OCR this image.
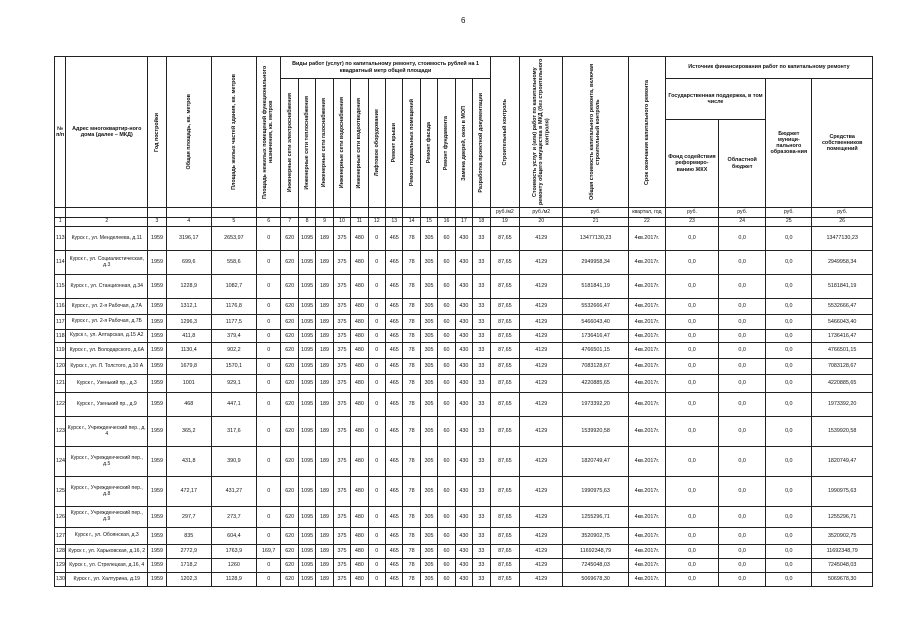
6
№ п/п	Адрес многоквартир-ного дома (далее – МКД)	Год постройки	Общая площадь, кв. метров	Площадь жилых частей здания, кв. метров	Площадь нежилых помещений функционального назначения, кв. метров	Виды работ (услуг) по капитальному ремонту, стоимость рублей на 1 квадратный метр общей площади												Строительный контроль	Стоимость услуг и (или) работ по капитальному ремонту общего имущества в МКД (без строительного контроля)	Общая стоимость капитального ремонта, включая строительный контроль	Срок окончания капитального ремонта	Источник финансирования работ по капитальному ремонту			

						Инженерные сети электроснабжения	Инженерные сети теплоснабжения	Инженерные сети газоснабжения	Инженерные сети водоснабжения	Инженерные сети водоотведения	Лифтовое оборудование	Ремонт крыши	Ремонт подвальных помещений	Ремонт фасада	Ремонт фундамента	Замена дверей, окон в МОП	Разработка проектной документации					Государственная поддержка, в том числе		Бюджет муници-пального образова-ния	Средства собственников помещений
																						Фонд содействия реформиро-ванию ЖКХ	Областной бюджет		
																		руб./м2	руб./м2	руб.	квартал, год	руб.	руб.	руб.	руб.
1	2	3	4	5	6	7	8	9	10	11	12	13	14	15	16	17	18	19	20	21	22	23	24	25	26
113	Курск г., ул. Менделеева, д.11	1959	3196,17	2653,97	0	620	1095	189	375	480	0	465	78	305	60	430	33	87,65	4129	13477130,23	4кв.2017г.	0,0	0,0	0,0	13477130,23
114	Курск г., ул. Социалистическая, д.3	1959	699,6	558,6	0	620	1095	189	375	480	0	465	78	305	60	430	33	87,65	4129	2949958,34	4кв.2017г.	0,0	0,0	0,0	2949958,34
115	Курск г., ул. Станционная, д.34	1959	1228,9	1082,7	0	620	1095	189	375	480	0	465	78	305	60	430	33	87,65	4129	5181841,19	4кв.2017г.	0,0	0,0	0,0	5181841,19
116	Курск г., ул. 2-я Рабочая, д.7А	1959	1312,1	1176,8	0	620	1095	189	375	480	0	465	78	305	60	430	33	87,65	4129	5532666,47	4кв.2017г.	0,0	0,0	0,0	5532666,47
117	Курск г., ул. 2-я Рабочая, д.7Б	1959	1296,3	1177,5	0	620	1095	189	375	480	0	465	78	305	60	430	33	87,65	4129	5466043,40	4кв.2017г.	0,0	0,0	0,0	5466043,40
118	Курск г., ул. Алтарская, д.15 А2	1959	411,8	379,4	0	620	1095	189	375	480	0	465	78	305	60	430	33	87,65	4129	1736416,47	4кв.2017г.	0,0	0,0	0,0	1736416,47
119	Курск г., ул. Володарского, д.6А	1959	1130,4	902,2	0	620	1095	189	375	480	0	465	78	305	60	430	33	87,65	4129	4766501,15	4кв.2017г.	0,0	0,0	0,0	4766501,15
120	Курск г., ул. Л. Толстого, д.10 А	1959	1679,8	1570,1	0	620	1095	189	375	480	0	465	78	305	60	430	33	87,65	4129	7083128,67	4кв.2017г.	0,0	0,0	0,0	7083128,67
121	Курск г., Узенький пр., д.3	1959	1001	929,1	0	620	1095	189	375	480	0	465	78	305	60	430	33	87,65	4129	4220885,65	4кв.2017г.	0,0	0,0	0,0	4220885,65
122	Курск г., Узенький пр., д.9	1959	468	447,1	0	620	1095	189	375	480	0	465	78	305	60	430	33	87,65	4129	1973392,20	4кв.2017г.	0,0	0,0	0,0	1973392,20
123	Курск г., Учрежденческий пер., д. 4	1959	365,2	317,6	0	620	1095	189	375	480	0	465	78	305	60	430	33	87,65	4129	1539920,58	4кв.2017г.	0,0	0,0	0,0	1539920,58
124	Курск г., Учрежденческий пер., д.5	1959	431,8	390,9	0	620	1095	189	375	480	0	465	78	305	60	430	33	87,65	4129	1820749,47	4кв.2017г.	0,0	0,0	0,0	1820749,47
125	Курск г., Учрежденческий пер., д.8	1959	472,17	431,27	0	620	1095	189	375	480	0	465	78	305	60	430	33	87,65	4129	1990975,63	4кв.2017г.	0,0	0,0	0,0	1990975,63
126	Курск г., Учрежденческий пер., д.9	1959	297,7	273,7	0	620	1095	189	375	480	0	465	78	305	60	430	33	87,65	4129	1255296,71	4кв.2017г.	0,0	0,0	0,0	1255296,71
127	Курск г., ул. Обоянская, д.3	1959	835	604,4	0	620	1095	189	375	480	0	465	78	305	60	430	33	87,65	4129	3520902,75	4кв.2017г.	0,0	0,0	0,0	3520902,75
128	Курск г., ул. Харьковская, д.16, 2	1959	2772,9	1763,9	169,7	620	1095	189	375	480	0	465	78	305	60	430	33	87,65	4129	11692348,79	4кв.2017г.	0,0	0,0	0,0	11692348,79
129	Курск г., ул. Стрелецкая, д.16, 4	1959	1718,2	1260	0	620	1095	189	375	480	0	465	78	305	60	430	33	87,65	4129	7245048,03	4кв.2017г.	0,0	0,0	0,0	7245048,03
130	Курск г., ул. Халтурина, д.19	1959	1202,3	1128,9	0	620	1095	189	375	480	0	465	78	305	60	430	33	87,65	4129	5069678,30	4кв.2017г.	0,0	0,0	0,0	5069678,30
